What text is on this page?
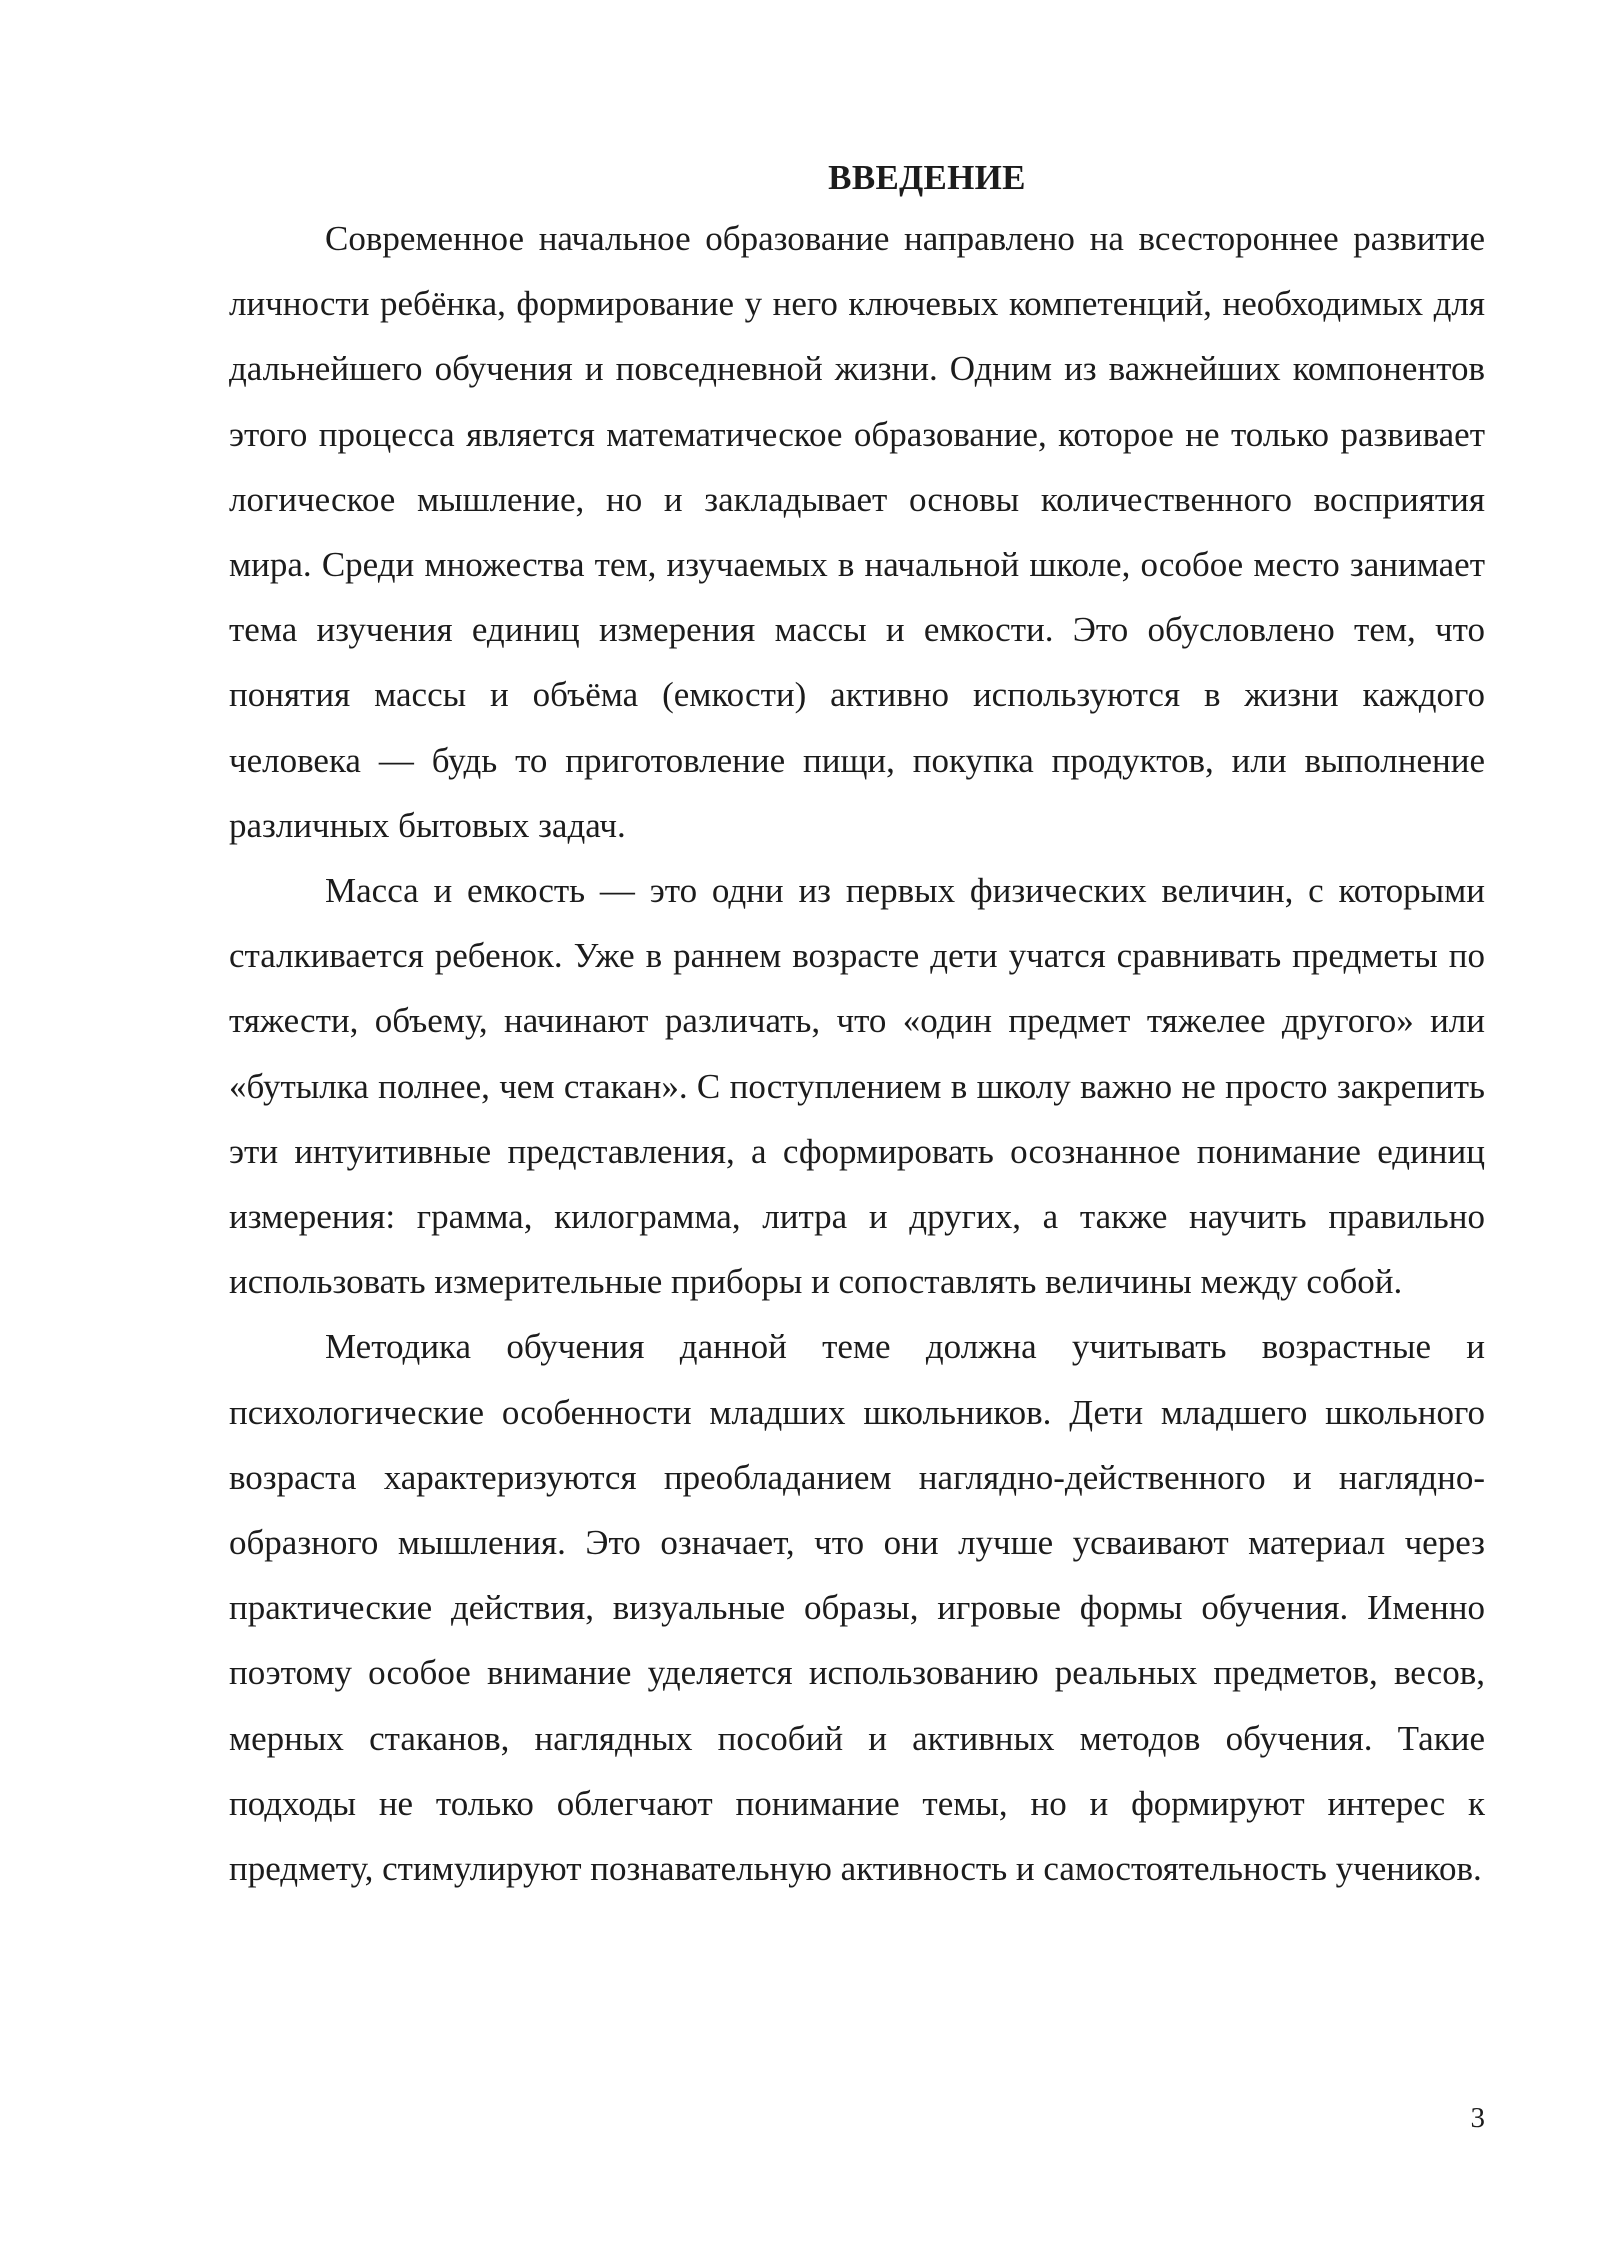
ВВЕДЕНИЕ

Современное начальное образование направлено на всестороннее развитие личности ребёнка, формирование у него ключевых компетенций, необходимых для дальнейшего обучения и повседневной жизни. Одним из важнейших компонентов этого процесса является математическое образование, которое не только развивает логическое мышление, но и закладывает основы количественного восприятия мира. Среди множества тем, изучаемых в начальной школе, особое место занимает тема изучения единиц измерения массы и емкости. Это обусловлено тем, что понятия массы и объёма (емкости) активно используются в жизни каждого человека — будь то приготовление пищи, покупка продуктов, или выполнение различных бытовых задач.

Масса и емкость — это одни из первых физических величин, с которыми сталкивается ребенок. Уже в раннем возрасте дети учатся сравнивать предметы по тяжести, объему, начинают различать, что «один предмет тяжелее другого» или «бутылка полнее, чем стакан». С поступлением в школу важно не просто закрепить эти интуитивные представления, а сформировать осознанное понимание единиц измерения: грамма, килограмма, литра и других, а также научить правильно использовать измерительные приборы и сопоставлять величины между собой.

Методика обучения данной теме должна учитывать возрастные и психологические особенности младших школьников. Дети младшего школьного возраста характеризуются преобладанием наглядно-действенного и наглядно-образного мышления. Это означает, что они лучше усваивают материал через практические действия, визуальные образы, игровые формы обучения. Именно поэтому особое внимание уделяется использованию реальных предметов, весов, мерных стаканов, наглядных пособий и активных методов обучения. Такие подходы не только облегчают понимание темы, но и формируют интерес к предмету, стимулируют познавательную активность и самостоятельность учеников.

3
